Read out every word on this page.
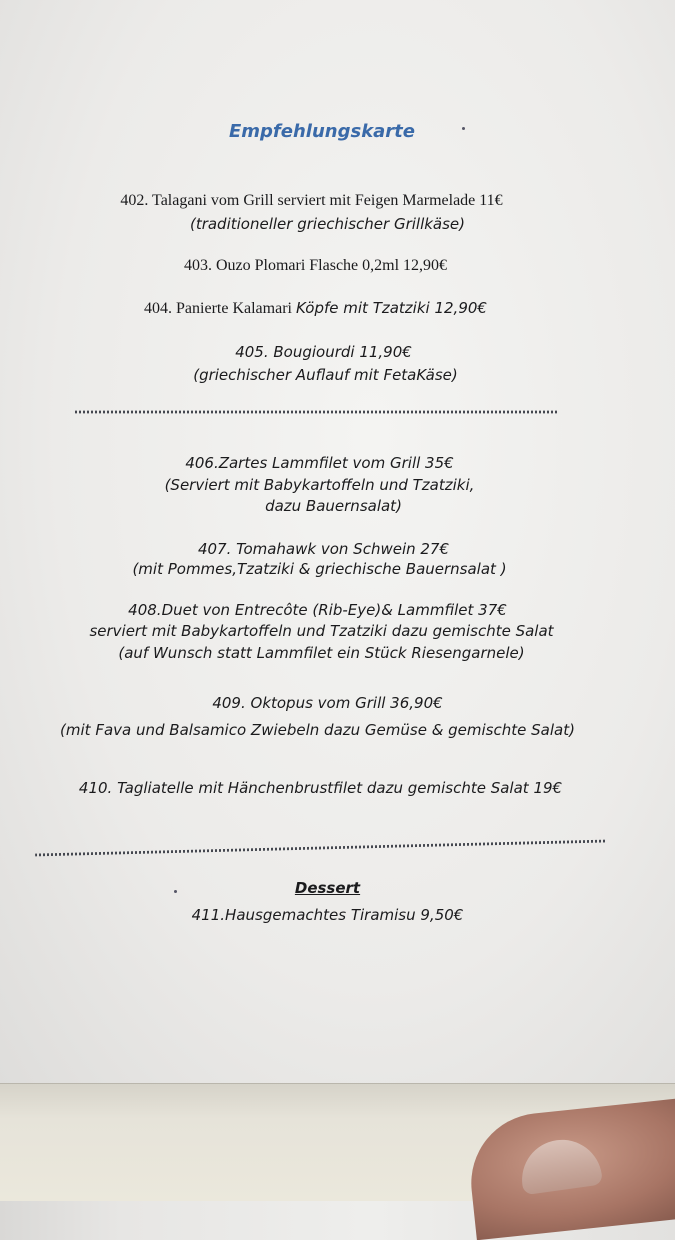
Empfehlungskarte
402. Talagani vom Grill serviert mit Feigen Marmelade 11€
(traditioneller griechischer Grillkäse)
403. Ouzo Plomari Flasche 0,2ml 12,90€
404. Panierte Kalamari Köpfe mit Tzatziki 12,90€
405. Bougiourdi 11,90€
(griechischer Auflauf mit FetaKäse)
406.Zartes Lammfilet vom Grill 35€
(Serviert mit Babykartoffeln und Tzatziki,
dazu Bauernsalat)
407. Tomahawk von Schwein 27€
(mit Pommes,Tzatziki & griechische Bauernsalat )
408.Duet von Entrecôte (Rib-Eye)& Lammfilet 37€
serviert mit Babykartoffeln und Tzatziki dazu gemischte Salat
(auf Wunsch statt Lammfilet ein Stück Riesengarnele)
409. Oktopus vom Grill 36,90€
(mit Fava und Balsamico Zwiebeln dazu Gemüse & gemischte Salat)
410. Tagliatelle mit Hänchenbrustfilet dazu gemischte Salat 19€
Dessert
411.Hausgemachtes Tiramisu 9,50€
